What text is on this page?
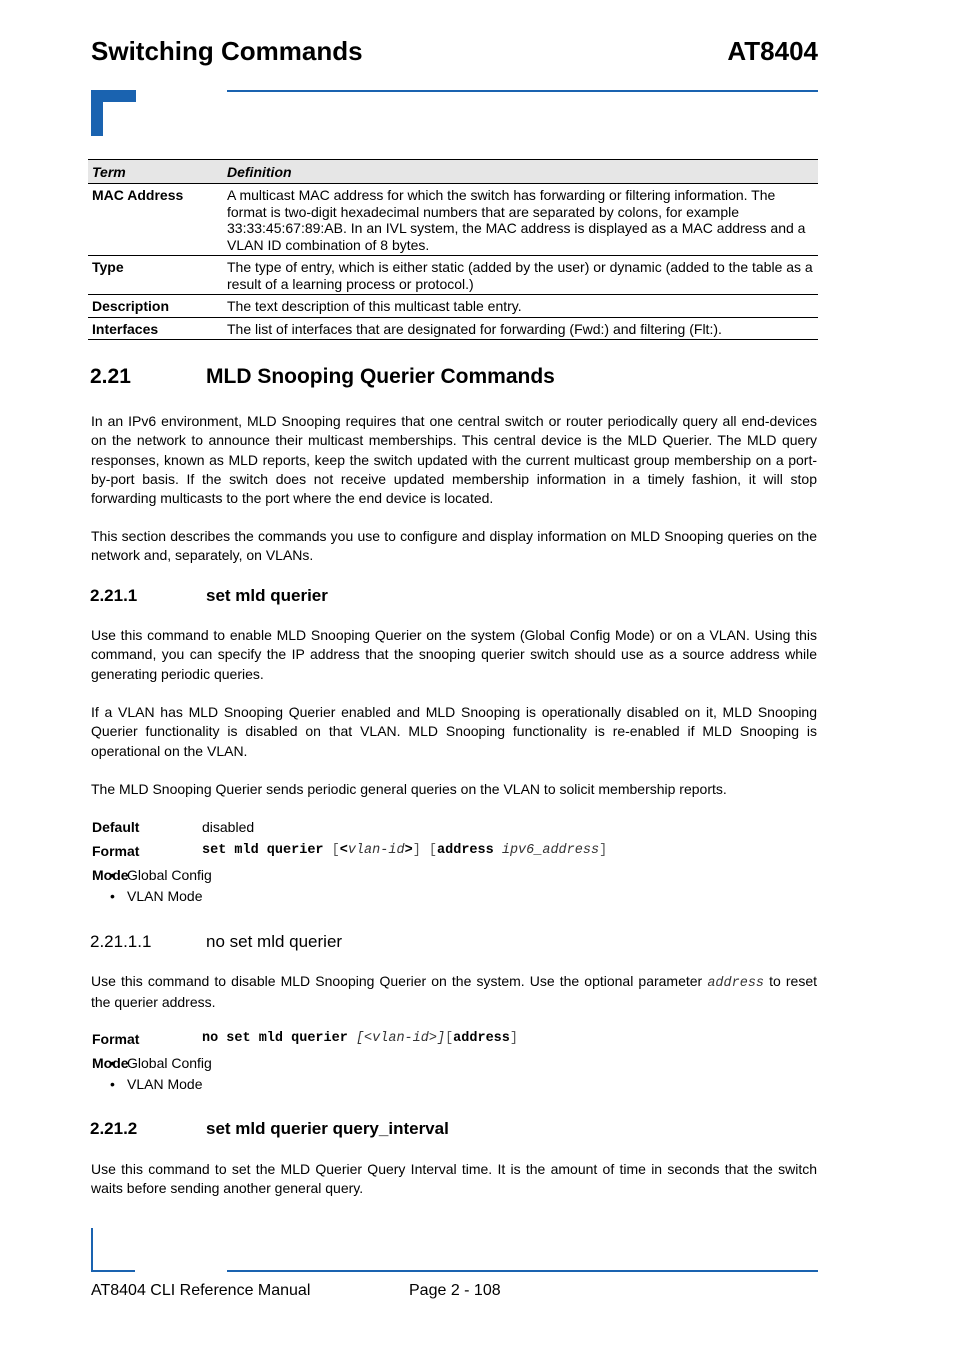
Switching Commands	AT8404
Term	Definition
MAC Address	A multicast MAC address for which the switch has forwarding or filtering information. The format is two-digit hexadecimal numbers that are separated by colons, for example 33:33:45:67:89:AB. In an IVL system, the MAC address is displayed as a MAC address and a VLAN ID combination of 8 bytes.
Type	The type of entry, which is either static (added by the user) or dynamic (added to the table as a result of a learning process or protocol.)
Description	The text description of this multicast table entry.
Interfaces	The list of interfaces that are designated for forwarding (Fwd:) and filtering (Flt:).
2.21	MLD Snooping Querier Commands
In an IPv6 environment, MLD Snooping requires that one central switch or router periodically query all end-devices on the network to announce their multicast memberships. This central device is the MLD Querier. The MLD query responses, known as MLD reports, keep the switch updated with the current multicast group membership on a port-by-port basis. If the switch does not receive updated membership information in a timely fashion, it will stop forwarding multicasts to the port where the end device is located.
This section describes the commands you use to configure and display information on MLD Snooping queries on the network and, separately, on VLANs.
2.21.1	set mld querier
Use this command to enable MLD Snooping Querier on the system (Global Config Mode) or on a VLAN. Using this command, you can specify the IP address that the snooping querier switch should use as a source address while generating periodic queries.
If a VLAN has MLD Snooping Querier enabled and MLD Snooping is operationally disabled on it, MLD Snooping Querier functionality is disabled on that VLAN. MLD Snooping functionality is re-enabled if MLD Snooping is operational on the VLAN.
The MLD Snooping Querier sends periodic general queries on the VLAN to solicit membership reports.
Default	disabled
Format	set mld querier [<vlan-id>] [address ipv6_address]
Mode
• Global Config
• VLAN Mode
2.21.1.1	no set mld querier
Use this command to disable MLD Snooping Querier on the system. Use the optional parameter address to reset the querier address.
Format	no set mld querier [<vlan-id>][address]
Mode
• Global Config
• VLAN Mode
2.21.2	set mld querier query_interval
Use this command to set the MLD Querier Query Interval time. It is the amount of time in seconds that the switch waits before sending another general query.
AT8404 CLI Reference Manual	Page 2 - 108
